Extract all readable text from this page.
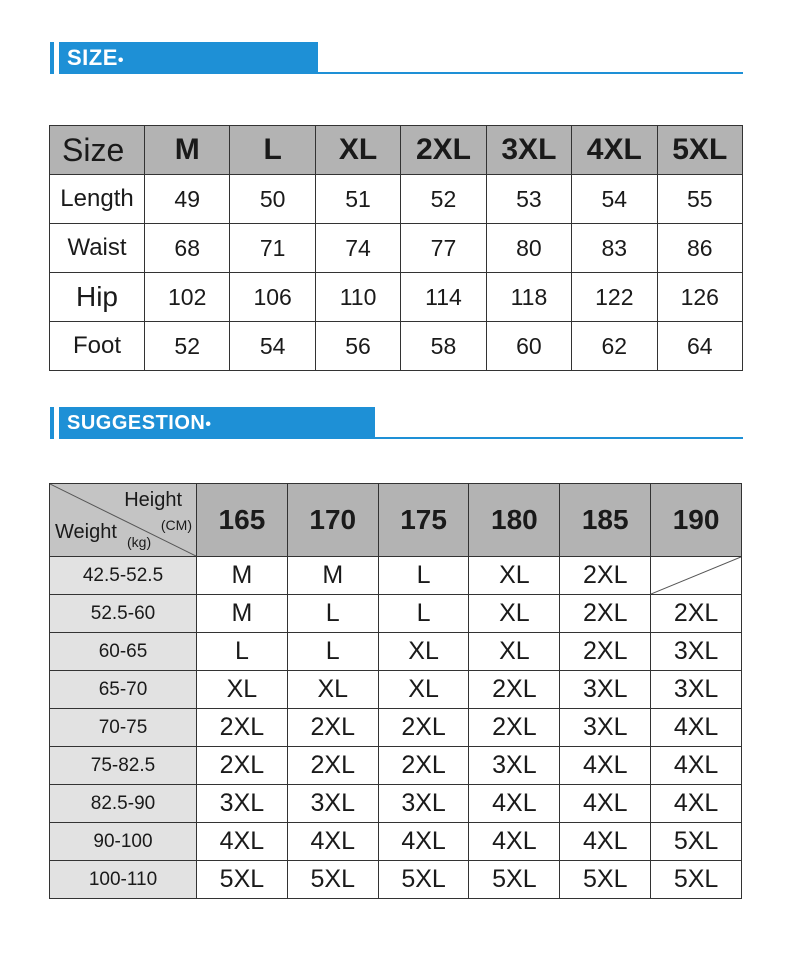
SIZE•
Size	M	L	XL	2XL	3XL	4XL	5XL
Length	49	50	51	52	53	54	55
Waist	68	71	74	77	80	83	86
Hip	102	106	110	114	118	122	126
Foot	52	54	56	58	60	62	64
SUGGESTION•
Height
(CM)
Weight (kg)	165	170	175	180	185	190
42.5-52.5	M	M	L	XL	2XL	

52.5-60	M	L	L	XL	2XL	2XL
60-65	L	L	XL	XL	2XL	3XL
65-70	XL	XL	XL	2XL	3XL	3XL
70-75	2XL	2XL	2XL	2XL	3XL	4XL
75-82.5	2XL	2XL	2XL	3XL	4XL	4XL
82.5-90	3XL	3XL	3XL	4XL	4XL	4XL
90-100	4XL	4XL	4XL	4XL	4XL	5XL
100-110	5XL	5XL	5XL	5XL	5XL	5XL
